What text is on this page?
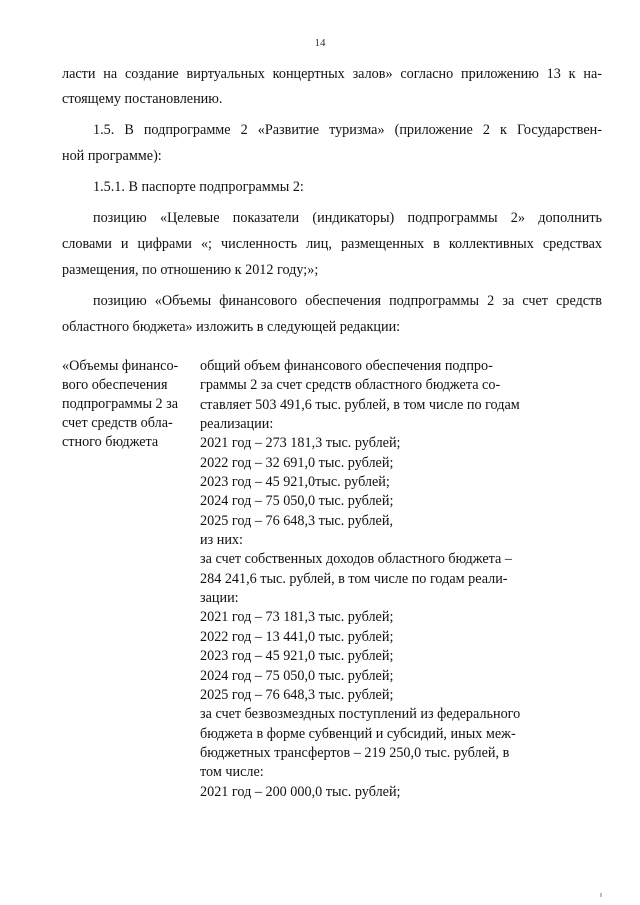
14
ласти на создание виртуальных концертных залов» согласно приложению 13 к на-
стоящему постановлению.
1.5. В подпрограмме 2 «Развитие туризма» (приложение 2 к Государствен-
ной программе):
1.5.1. В паспорте подпрограммы 2:
позицию «Целевые показатели (индикаторы) подпрограммы 2» дополнить
словами и цифрами «; численность лиц, размещенных в коллективных средствах
размещения, по отношению к 2012 году;»;
позицию «Объемы финансового обеспечения подпрограммы 2 за счет средств
областного бюджета» изложить в следующей редакции:
«Объемы финансо-
вого обеспечения
подпрограммы 2 за
счет средств обла-
стного бюджета
общий объем финансового обеспечения подпро-
граммы 2 за счет средств областного бюджета со-
ставляет 503 491,6 тыс. рублей, в том числе по годам
реализации:
2021 год – 273 181,3 тыс. рублей;
2022 год – 32 691,0 тыс. рублей;
2023 год – 45 921,0тыс. рублей;
2024 год – 75 050,0 тыс. рублей;
2025 год – 76 648,3 тыс. рублей,
из них:
за счет собственных доходов областного бюджета –
284 241,6 тыс. рублей, в том числе по годам реали-
зации:
2021 год – 73 181,3 тыс. рублей;
2022 год – 13 441,0 тыс. рублей;
2023 год – 45 921,0 тыс. рублей;
2024 год – 75 050,0 тыс. рублей;
2025 год – 76 648,3 тыс. рублей;
за счет безвозмездных поступлений из федерального
бюджета в форме субвенций и субсидий, иных меж-
бюджетных трансфертов – 219 250,0 тыс. рублей, в
том числе:
2021 год – 200 000,0 тыс. рублей;
